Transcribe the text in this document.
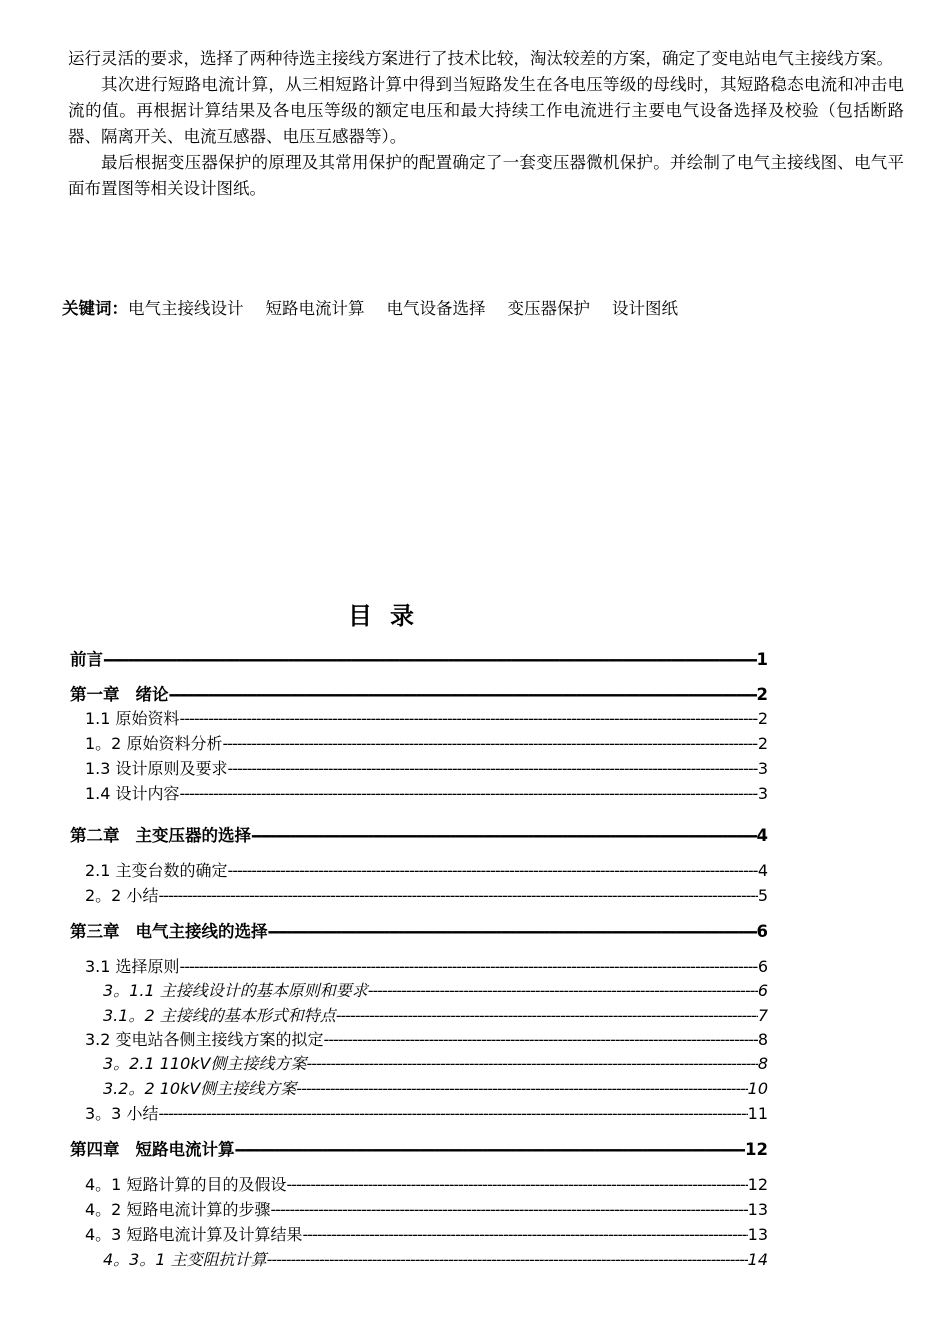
运行灵活的要求，选择了两种待选主接线方案进行了技术比较，淘汰较差的方案，确定了变电站电气主接线方案。

其次进行短路电流计算，从三相短路计算中得到当短路发生在各电压等级的母线时，其短路稳态电流和冲击电流的值。再根据计算结果及各电压等级的额定电压和最大持续工作电流进行主要电气设备选择及校验（包括断路器、隔离开关、电流互感器、电压互感器等）。

最后根据变压器保护的原理及其常用保护的配置确定了一套变压器微机保护。并绘制了电气主接线图、电气平面布置图等相关设计图纸。

关键词：电气主接线设计 短路电流计算 电气设备选择 变压器保护 设计图纸
目录
前言 -----	1
第一章 绪论 -----	2
1.1 原始资料 -----	2
1。2 原始资料分析 -----	2
1.3 设计原则及要求 -----	3
1.4 设计内容 -----	3
第二章 主变压器的选择 -----	4
2.1 主变台数的确定 -----	4
2。2 小结 -----	5
第三章 电气主接线的选择 -----	6
3.1 选择原则 -----	6
3。1.1 主接线设计的基本原则和要求 -----	6
3.1。2 主接线的基本形式和特点 -----	7
3.2 变电站各侧主接线方案的拟定 -----	8
3。2.1 110kV侧主接线方案 -----	8
3.2。2 10kV侧主接线方案 -----	10
3。3 小结 -----	11
第四章 短路电流计算 -----	12
4。1 短路计算的目的及假设 -----	12
4。2 短路电流计算的步骤 -----	13
4。3 短路电流计算及计算结果 -----	13
4。3。1 主变阻抗计算 -----	14
